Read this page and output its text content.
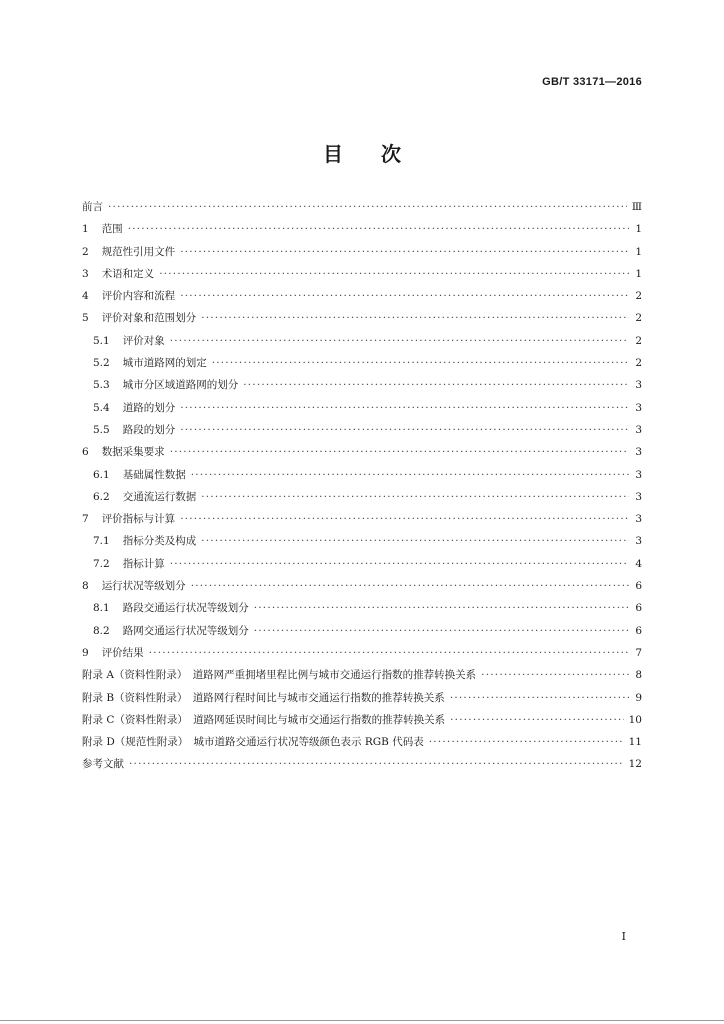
GB/T 33171—2016
目 次
前言 ·····	Ⅲ
1 范围 ·····	1
2 规范性引用文件 ·····	1
3 术语和定义 ·····	1
4 评价内容和流程 ·····	2
5 评价对象和范围划分 ·····	2
5.1 评价对象 ·····	2
5.2 城市道路网的划定 ·····	2
5.3 城市分区域道路网的划分 ·····	3
5.4 道路的划分 ·····	3
5.5 路段的划分 ·····	3
6 数据采集要求 ·····	3
6.1 基础属性数据 ·····	3
6.2 交通流运行数据 ·····	3
7 评价指标与计算 ·····	3
7.1 指标分类及构成 ·····	3
7.2 指标计算 ·····	4
8 运行状况等级划分 ·····	6
8.1 路段交通运行状况等级划分 ·····	6
8.2 路网交通运行状况等级划分 ·····	6
9 评价结果 ·····	7
附录 A（资料性附录）　道路网严重拥堵里程比例与城市交通运行指数的推荐转换关系 ·····	8
附录 B（资料性附录）　道路网行程时间比与城市交通运行指数的推荐转换关系 ·····	9
附录 C（资料性附录）　道路网延误时间比与城市交通运行指数的推荐转换关系 ·····	10
附录 D（规范性附录）　城市道路交通运行状况等级颜色表示 RGB 代码表 ·····	11
参考文献 ·····	12
I
